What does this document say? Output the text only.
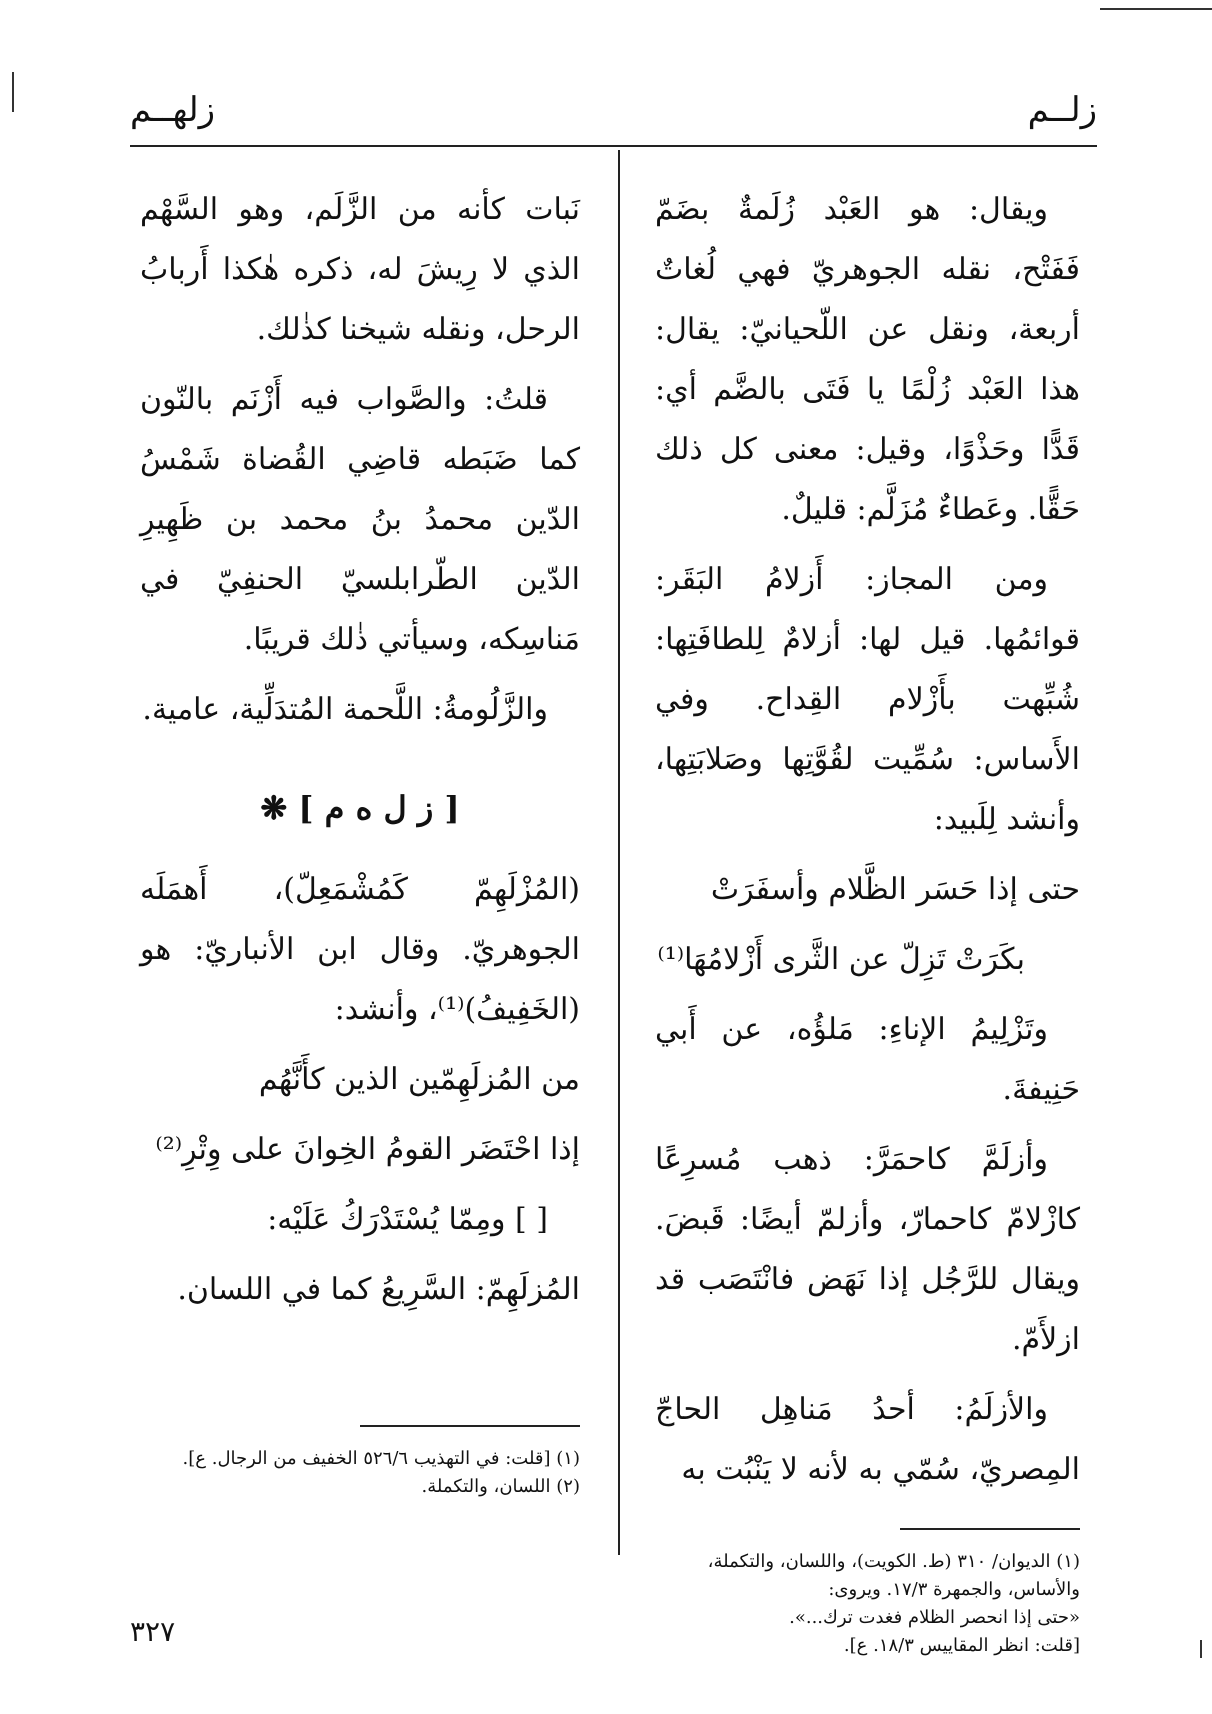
زلــم
زلهــم

ويقال: هو العَبْد زُلَمةٌ بضَمّ فَفَتْح، نقله الجوهريّ فهي لُغاتٌ أربعة، ونقل عن اللّحيانيّ: يقال: هذا العَبْد زُلْمًا يا فَتَى بالضَّم أي: قَدًّا وحَذْوًا، وقيل: معنى كل ذلك حَقًّا. وعَطاءٌ مُزَلَّم: قليلٌ.

ومن المجاز: أَزلامُ البَقَر: قوائمُها. قيل لها: أزلامٌ لِلطافَتِها: شُبِّهت بأَزْلام القِداح. وفي الأَساس: سُمِّيت لقُوَّتِها وصَلابَتِها، وأنشد لِلَبيد:

حتى إذا حَسَر الظَّلام وأسفَرَتْ

بكَرَتْ تَزِلّ عن الثَّرى أَزْلامُهَا⁽¹⁾

وتَزْلِيمُ الإناءِ: مَلؤُه، عن أَبي حَنِيفةَ.

وأزلَمَّ كاحمَرَّ: ذهب مُسرِعًا كازْلامّ كاحمارّ، وأزلمّ أيضًا: قَبضَ. ويقال للرَّجُل إذا نَهَض فانْتَصَب قد ازلأَمّ.

والأزلَمُ: أحدُ مَناهِل الحاجّ المِصريّ، سُمّي به لأنه لا يَنْبُت به

نَبات كأنه من الزَّلَم، وهو السَّهْم الذي لا رِيشَ له، ذكره هٰكذا أَربابُ الرحل، ونقله شيخنا كذٰلك.

قلتُ: والصَّواب فيه أَزْنَم بالنّون كما ضَبَطه قاضِي القُضاة شَمْسُ الدّين محمدُ بنُ محمد بن ظَهِيرِ الدّين الطّرابلسيّ الحنفِيّ في مَناسِكه، وسيأتي ذٰلك قريبًا.

والزَّلُومةُ: اللَّحمة المُتدَلِّية، عامية.

[ ز ل ه م ] ❋

(المُزْلَهِمّ كَمُشْمَعِلّ)، أَهمَلَه الجوهريّ. وقال ابن الأنباريّ: هو (الخَفِيفُ)⁽¹⁾، وأنشد:

من المُزلَهِمّين الذين كأَنَّهُم

إذا احْتَضَر القومُ الخِوانَ على وِتْرِ⁽²⁾

[ ] ومِمّا يُسْتَدْرَكُ عَلَيْه:

المُزلَهِمّ: السَّرِيعُ كما في اللسان.

(١) الديوان/ ٣١٠ (ط. الكويت)، واللسان، والتكملة، والأساس، والجمهرة ١٧/٣. ويروى:
«حتى إذا انحصر الظلام فغدت ترك...».
[قلت: انظر المقاييس ١٨/٣. ع].
(١) [قلت: في التهذيب ٥٢٦/٦ الخفيف من الرجال. ع].
(٢) اللسان، والتكملة.
٣٢٧
